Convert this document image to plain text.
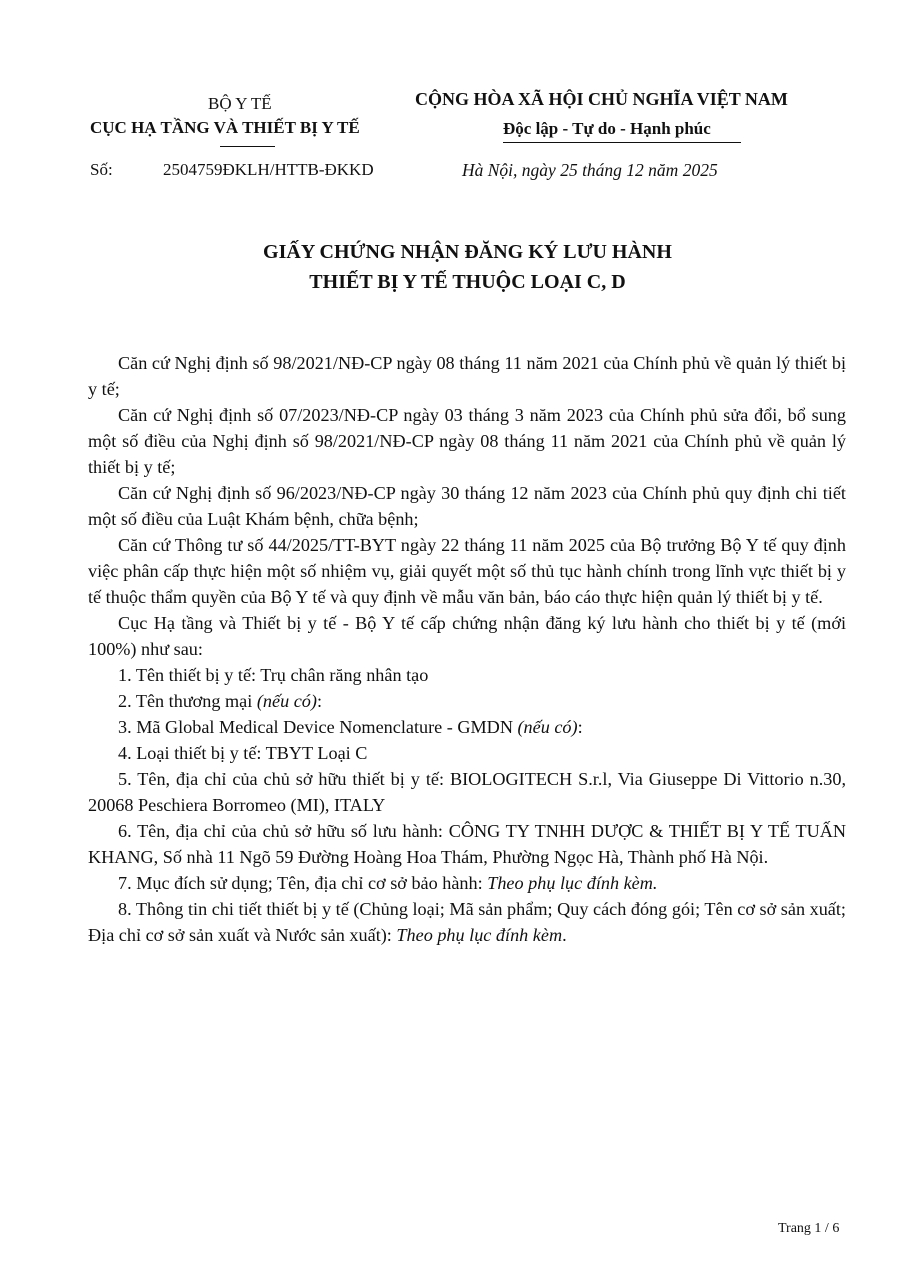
BỘ Y TẾ
CỤC HẠ TẦNG VÀ THIẾT BỊ Y TẾ
CỘNG HÒA XÃ HỘI CHỦ NGHĨA VIỆT NAM
Độc lập - Tự do - Hạnh phúc
Số:	2504759ĐKLH/HTTB-ĐKKD	Hà Nội, ngày 25 tháng 12 năm 2025
GIẤY CHỨNG NHẬN ĐĂNG KÝ LƯU HÀNH
THIẾT BỊ Y TẾ THUỘC LOẠI C, D

Căn cứ Nghị định số 98/2021/NĐ-CP ngày 08 tháng 11 năm 2021 của Chính phủ về quản lý thiết bị y tế;

Căn cứ Nghị định số 07/2023/NĐ-CP ngày 03 tháng 3 năm 2023 của Chính phủ sửa đổi, bổ sung một số điều của Nghị định số 98/2021/NĐ-CP ngày 08 tháng 11 năm 2021 của Chính phủ về quản lý thiết bị y tế;

Căn cứ Nghị định số 96/2023/NĐ-CP ngày 30 tháng 12 năm 2023 của Chính phủ quy định chi tiết một số điều của Luật Khám bệnh, chữa bệnh;

Căn cứ Thông tư số 44/2025/TT-BYT ngày 22 tháng 11 năm 2025 của Bộ trưởng Bộ Y tế quy định việc phân cấp thực hiện một số nhiệm vụ, giải quyết một số thủ tục hành chính trong lĩnh vực thiết bị y tế thuộc thẩm quyền của Bộ Y tế và quy định về mẫu văn bản, báo cáo thực hiện quản lý thiết bị y tế.

Cục Hạ tầng và Thiết bị y tế - Bộ Y tế cấp chứng nhận đăng ký lưu hành cho thiết bị y tế (mới 100%) như sau:

1. Tên thiết bị y tế: Trụ chân răng nhân tạo

2. Tên thương mại (nếu có):

3. Mã Global Medical Device Nomenclature - GMDN (nếu có):

4. Loại thiết bị y tế: TBYT Loại C

5. Tên, địa chỉ của chủ sở hữu thiết bị y tế: BIOLOGITECH S.r.l, Via Giuseppe Di Vittorio n.30, 20068 Peschiera Borromeo (MI), ITALY

6. Tên, địa chỉ của chủ sở hữu số lưu hành: CÔNG TY TNHH DƯỢC & THIẾT BỊ Y TẾ TUẤN KHANG, Số nhà 11 Ngõ 59 Đường Hoàng Hoa Thám, Phường Ngọc Hà, Thành phố Hà Nội.

7. Mục đích sử dụng; Tên, địa chỉ cơ sở bảo hành: Theo phụ lục đính kèm.

8. Thông tin chi tiết thiết bị y tế (Chủng loại; Mã sản phẩm; Quy cách đóng gói; Tên cơ sở sản xuất; Địa chỉ cơ sở sản xuất và Nước sản xuất): Theo phụ lục đính kèm.

Trang 1 / 6
